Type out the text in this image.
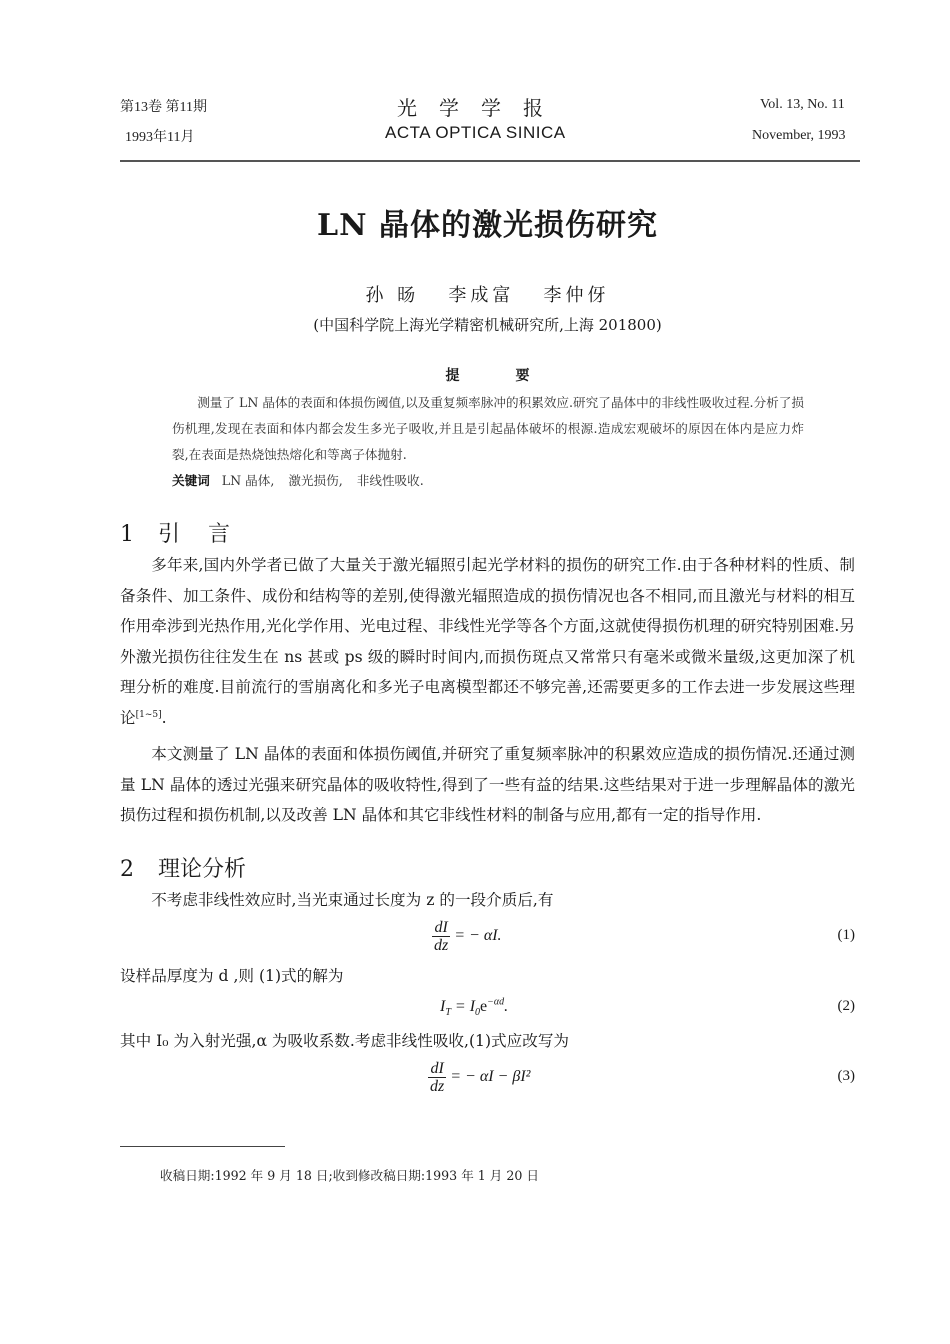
第13卷 第11期
1993年11月
光学学报
ACTA OPTICA SINICA
Vol. 13, No. 11
November, 1993
LN 晶体的激光损伤研究
孙 旸   李成富   李仲伢
(中国科学院上海光学精密机械研究所,上海 201800)
提	要
测量了 LN 晶体的表面和体损伤阈值,以及重复频率脉冲的积累效应.研究了晶体中的非线性吸收过程.分析了损伤机理,发现在表面和体内都会发生多光子吸收,并且是引起晶体破坏的根源.造成宏观破坏的原因在体内是应力炸裂,在表面是热烧蚀热熔化和等离子体抛射.
关键词 LN 晶体, 激光损伤, 非线性吸收.
1 引    言
多年来,国内外学者已做了大量关于激光辐照引起光学材料的损伤的研究工作.由于各种材料的性质、制备条件、加工条件、成份和结构等的差别,使得激光辐照造成的损伤情况也各不相同,而且激光与材料的相互作用牵涉到光热作用,光化学作用、光电过程、非线性光学等各个方面,这就使得损伤机理的研究特别困难.另外激光损伤往往发生在 ns 甚或 ps 级的瞬时时间内,而损伤斑点又常常只有毫米或微米量级,这更加深了机理分析的难度.目前流行的雪崩离化和多光子电离模型都还不够完善,还需要更多的工作去进一步发展这些理论[1~5].
本文测量了 LN 晶体的表面和体损伤阈值,并研究了重复频率脉冲的积累效应造成的损伤情况.还通过测量 LN 晶体的透过光强来研究晶体的吸收特性,得到了一些有益的结果.这些结果对于进一步理解晶体的激光损伤过程和损伤机制,以及改善 LN 晶体和其它非线性材料的制备与应用,都有一定的指导作用.
2 理论分析
不考虑非线性效应时,当光束通过长度为 z 的一段介质后,有
$\frac{dI}{dz}$ = − αI.	(1)
设样品厚度为 d ,则 (1)式的解为
$I_T = I_0e^{-\alpha d}$.	(2)
其中 I₀ 为入射光强,α 为吸收系数.考虑非线性吸收,(1)式应改写为
$\frac{dI}{dz}$ = − αI − βI²	(3)
收稿日期:1992 年 9 月 18 日;收到修改稿日期:1993 年 1 月 20 日
